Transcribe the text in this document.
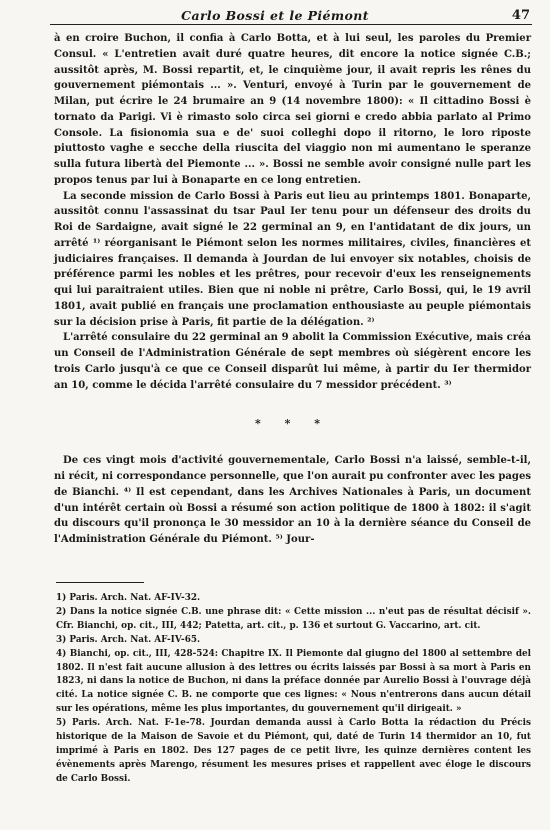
Carlo Bossi et le Piémont	47

à en croire Buchon, il confia à Carlo Botta, et à lui seul, les paroles du Premier Consul. « L'entretien avait duré quatre heures, dit encore la notice signée C.B.; aussitôt après, M. Bossi repartit, et, le cinquième jour, il avait repris les rênes du gouvernement piémontais ... ». Venturi, envoyé à Turin par le gouvernement de Milan, put écrire le 24 brumaire an 9 (14 novembre 1800): « Il cittadino Bossi è tornato da Parigi. Vi è rimasto solo circa sei giorni e credo abbia parlato al Primo Console. La fisionomia sua e de' suoi colleghi dopo il ritorno, le loro riposte piuttosto vaghe e secche della riuscita del viaggio non mi aumentano le speranze sulla futura libertà del Piemonte ... ». Bossi ne semble avoir consigné nulle part les propos tenus par lui à Bonaparte en ce long entretien.

La seconde mission de Carlo Bossi à Paris eut lieu au printemps 1801. Bonaparte, aussitôt connu l'assassinat du tsar Paul Ier tenu pour un défenseur des droits du Roi de Sardaigne, avait signé le 22 germinal an 9, en l'antidatant de dix jours, un arrêté ¹⁾ réorganisant le Piémont selon les normes militaires, civiles, financières et judiciaires françaises. Il demanda à Jourdan de lui envoyer six notables, choisis de préférence parmi les nobles et les prêtres, pour recevoir d'eux les renseignements qui lui paraitraient utiles. Bien que ni noble ni prêtre, Carlo Bossi, qui, le 19 avril 1801, avait publié en français une proclamation enthousiaste au peuple piémontais sur la décision prise à Paris, fit partie de la délégation. ²⁾

L'arrêté consulaire du 22 germinal an 9 abolit la Commission Exécutive, mais créa un Conseil de l'Administration Générale de sept membres où siégèrent encore les trois Carlo jusqu'à ce que ce Conseil disparût lui même, à partir du Ier thermidor an 10, comme le décida l'arrêté consulaire du 7 messidor précédent. ³⁾

* * *

De ces vingt mois d'activité gouvernementale, Carlo Bossi n'a laissé, semble-t-il, ni récit, ni correspondance personnelle, que l'on aurait pu confronter avec les pages de Bianchi. ⁴⁾ Il est cependant, dans les Archives Nationales à Paris, un document d'un intérêt certain où Bossi a résumé son action politique de 1800 à 1802: il s'agit du discours qu'il prononça le 30 messidor an 10 à la dernière séance du Conseil de l'Administration Générale du Piémont. ⁵⁾ Jour-

1) Paris. Arch. Nat. AF-IV-32.

2) Dans la notice signée C.B. une phrase dit: « Cette mission ... n'eut pas de résultat décisif ». Cfr. Bianchi, op. cit., III, 442; Patetta, art. cit., p. 136 et surtout G. Vaccarino, art. cit.

3) Paris. Arch. Nat. AF-IV-65.

4) Bianchi, op. cit., III, 428-524: Chapitre IX. Il Piemonte dal giugno del 1800 al settembre del 1802. Il n'est fait aucune allusion à des lettres ou écrits laissés par Bossi à sa mort à Paris en 1823, ni dans la notice de Buchon, ni dans la préface donnée par Aurelio Bossi à l'ouvrage déjà cité. La notice signée C. B. ne comporte que ces lignes: « Nous n'entrerons dans aucun détail sur les opérations, même les plus importantes, du gouvernement qu'il dirigeait. »

5) Paris. Arch. Nat. F-1e-78. Jourdan demanda aussi à Carlo Botta la rédaction du Précis historique de la Maison de Savoie et du Piémont, qui, daté de Turin 14 thermidor an 10, fut imprimé à Paris en 1802. Des 127 pages de ce petit livre, les quinze dernières content les évènements après Marengo, résument les mesures prises et rappellent avec éloge le discours de Carlo Bossi.
